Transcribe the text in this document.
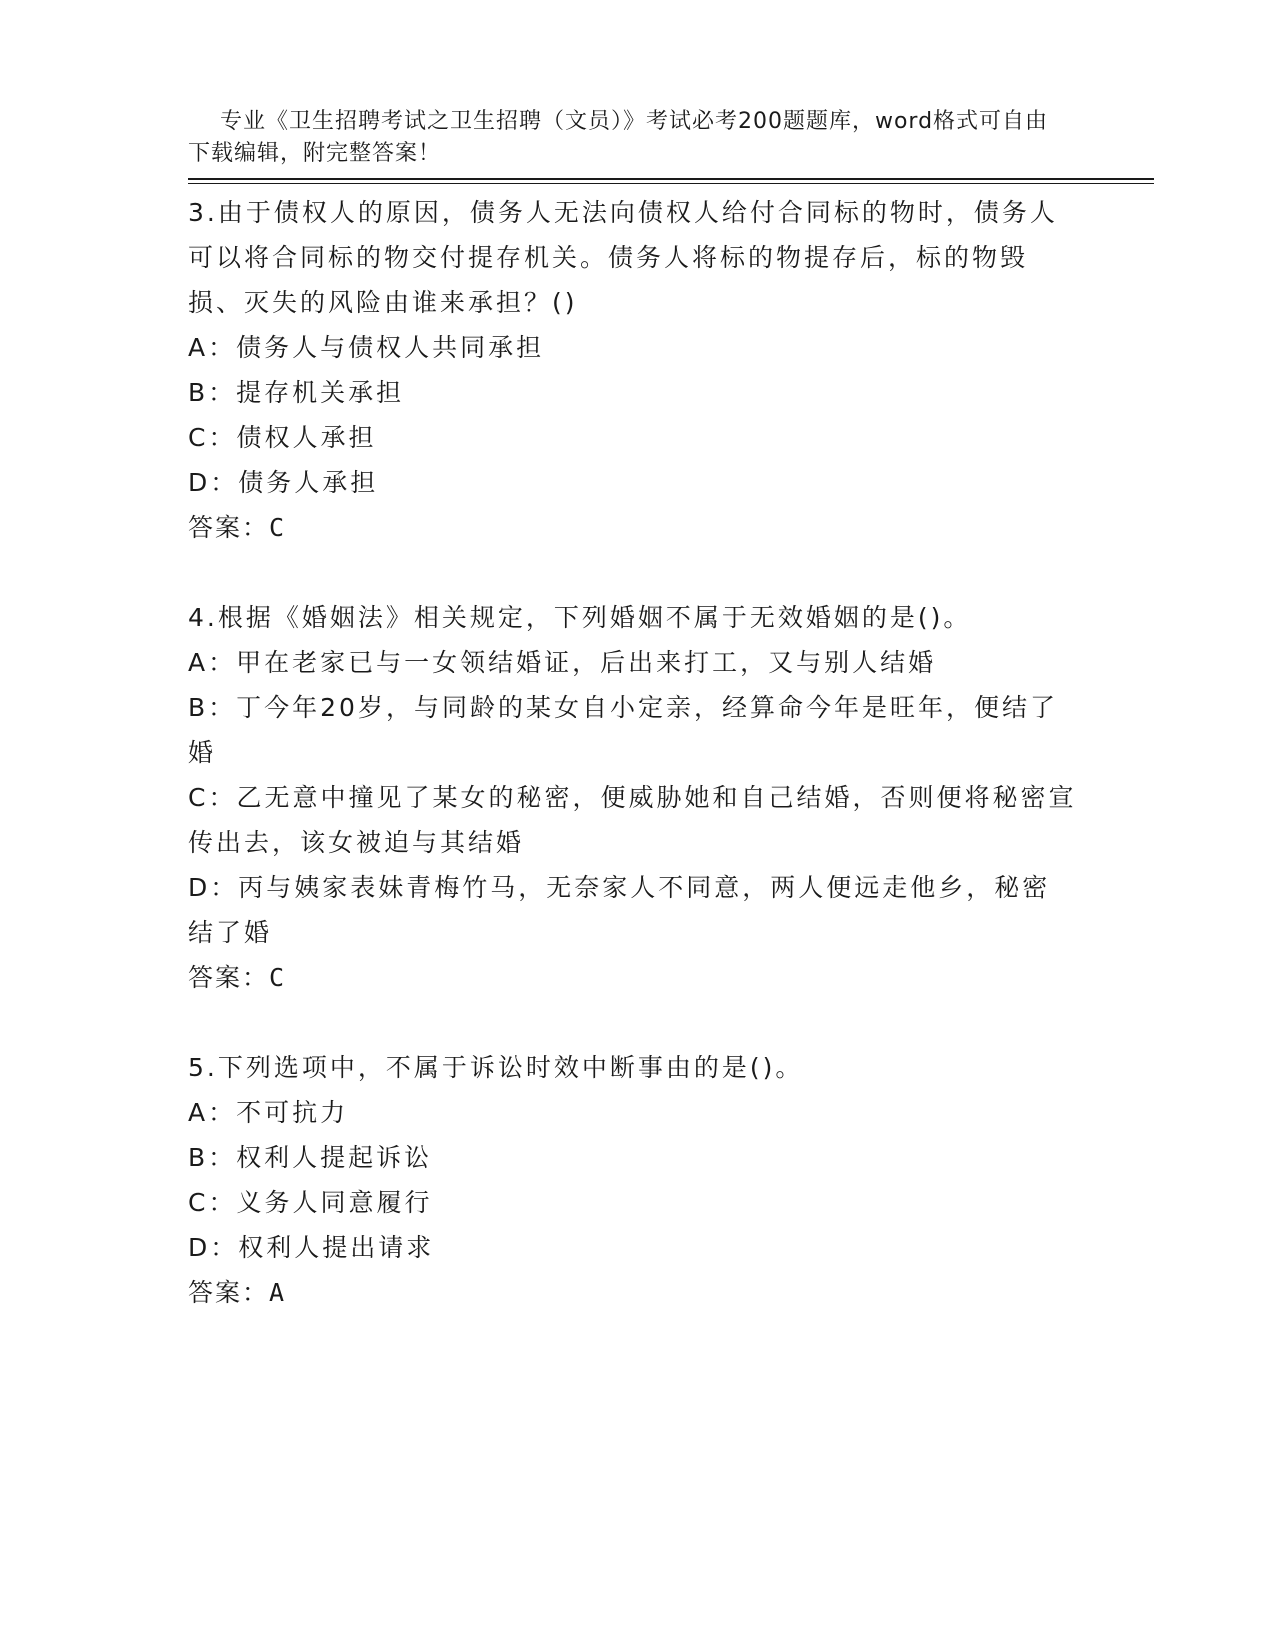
专业《卫生招聘考试之卫生招聘（文员）》考试必考200题题库，word格式可自由下载编辑，附完整答案！

3.由于债权人的原因，债务人无法向债权人给付合同标的物时，债务人可以将合同标的物交付提存机关。债务人将标的物提存后，标的物毁损、灭失的风险由谁来承担？()

A：债务人与债权人共同承担

B：提存机关承担

C：债权人承担

D：债务人承担

答案：C

4.根据《婚姻法》相关规定，下列婚姻不属于无效婚姻的是()。

A：甲在老家已与一女领结婚证，后出来打工，又与别人结婚

B：丁今年20岁，与同龄的某女自小定亲，经算命今年是旺年，便结了婚

C：乙无意中撞见了某女的秘密，便威胁她和自己结婚，否则便将秘密宣传出去，该女被迫与其结婚

D：丙与姨家表妹青梅竹马，无奈家人不同意，两人便远走他乡，秘密结了婚

答案：C

5.下列选项中，不属于诉讼时效中断事由的是()。

A：不可抗力

B：权利人提起诉讼

C：义务人同意履行

D：权利人提出请求

答案：A
